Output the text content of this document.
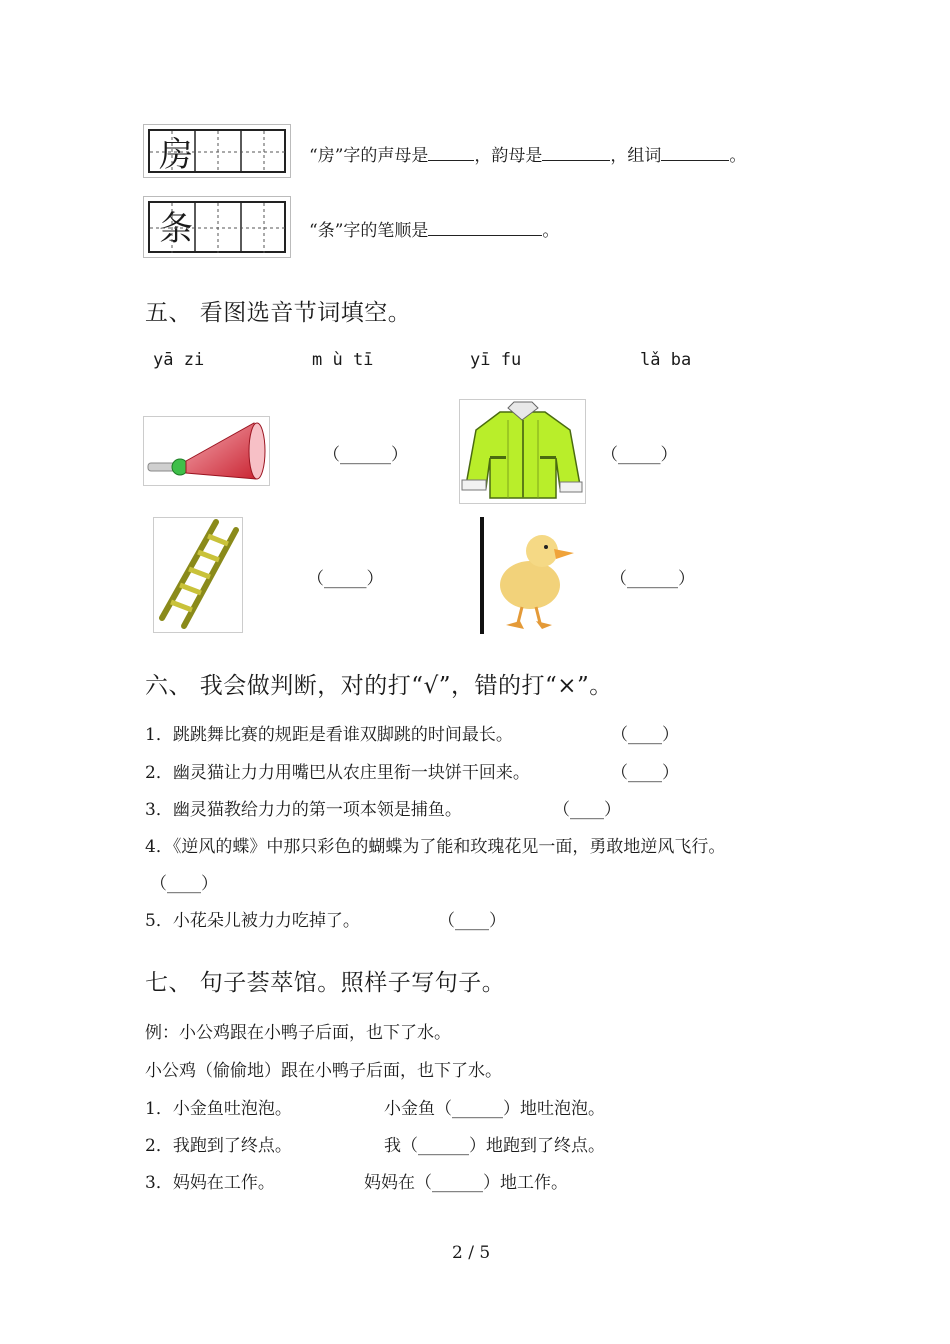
房	“房”字的声母是	，韵母是	，组词	。
条	“条”字的笔顺是	。
五、 看图选音节词填空。
yā zi	m ù tī	yī fu	lǎ ba
（______）	（_____）
（_____）	（______）
六、 我会做判断，对的打“√”，错的打“×”。
1．跳跳舞比赛的规距是看谁双脚跳的时间最长。	（____）
2．幽灵猫让力力用嘴巴从农庄里衔一块饼干回来。	（____）
3．幽灵猫教给力力的第一项本领是捕鱼。	（____）
4．《逆风的蝶》中那只彩色的蝴蝶为了能和玫瑰花见一面，勇敢地逆风飞行。
（____）
5．小花朵儿被力力吃掉了。	（____）
七、 句子荟萃馆。照样子写句子。
例：小公鸡跟在小鸭子后面，也下了水。
小公鸡（偷偷地）跟在小鸭子后面，也下了水。
1．小金鱼吐泡泡。	小金鱼（______）地吐泡泡。
2．我跑到了终点。	我（______）地跑到了终点。
3．妈妈在工作。	妈妈在（______）地工作。
2 / 5
